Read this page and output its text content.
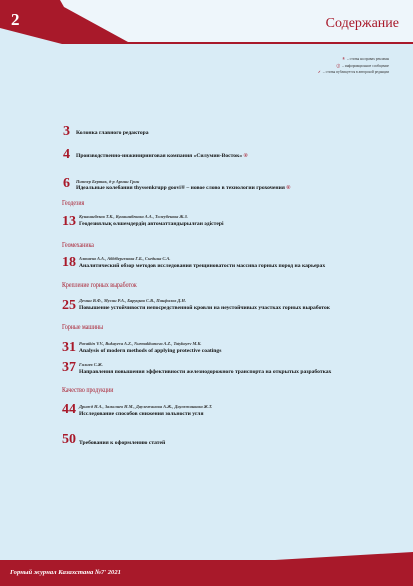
2	Содержание
® – статья на правах рекламы
ⓘ – информационное сообщение
✓ – статья публикуется в авторской редакции
3 Колонка главного редактора
4 Производственно-инжиниринговая компания «Силумин-Восток» ®
6 Пиппер Бертак, д-р Армин Грин
Идеальные колебания thyssenkrupp goovi® – новое слово в технологии грохочения ®
Геодезия
13 Кунашибеков Т.К., Кунашибекова А.А., Толеубекова Ж.З.
Геодезиялық өлшемдердің автоматтандырылған әдістері
Геомеханика
18 Алтаева А.А., Абдібергенова Г.Б., Съедина С.А.
Аналитический обзор методов исследования трещиноватости массива горных пород на карьерах
Крепление горных выработок
25 Демин В.Ф., Мусин Р.А., Баруцков С.В., Панфилов Д.Н.
Повышение устойчивости непосредственной кровли на неустойчивых участках горных выработок
Горные машины
31 Pavatkin V.V., Bukayeva A.Z., Nurmakhanova A.Z., Tatybayev M.K.
Analysis of modern methods of applying protective coatings
37 Гилиев С.Ж.
Направления повышения эффективности железнодорожного транспорта на открытых разработках
Качество продукции
44 Дрижд Н.А., Замалиев Н.М., Даулежанова А.Ж., Даулежанкова Ж.Т.
Исследование способов снижения зольности угля
50 Требования к оформлению статей
Горный журнал Казахстана №7' 2021
